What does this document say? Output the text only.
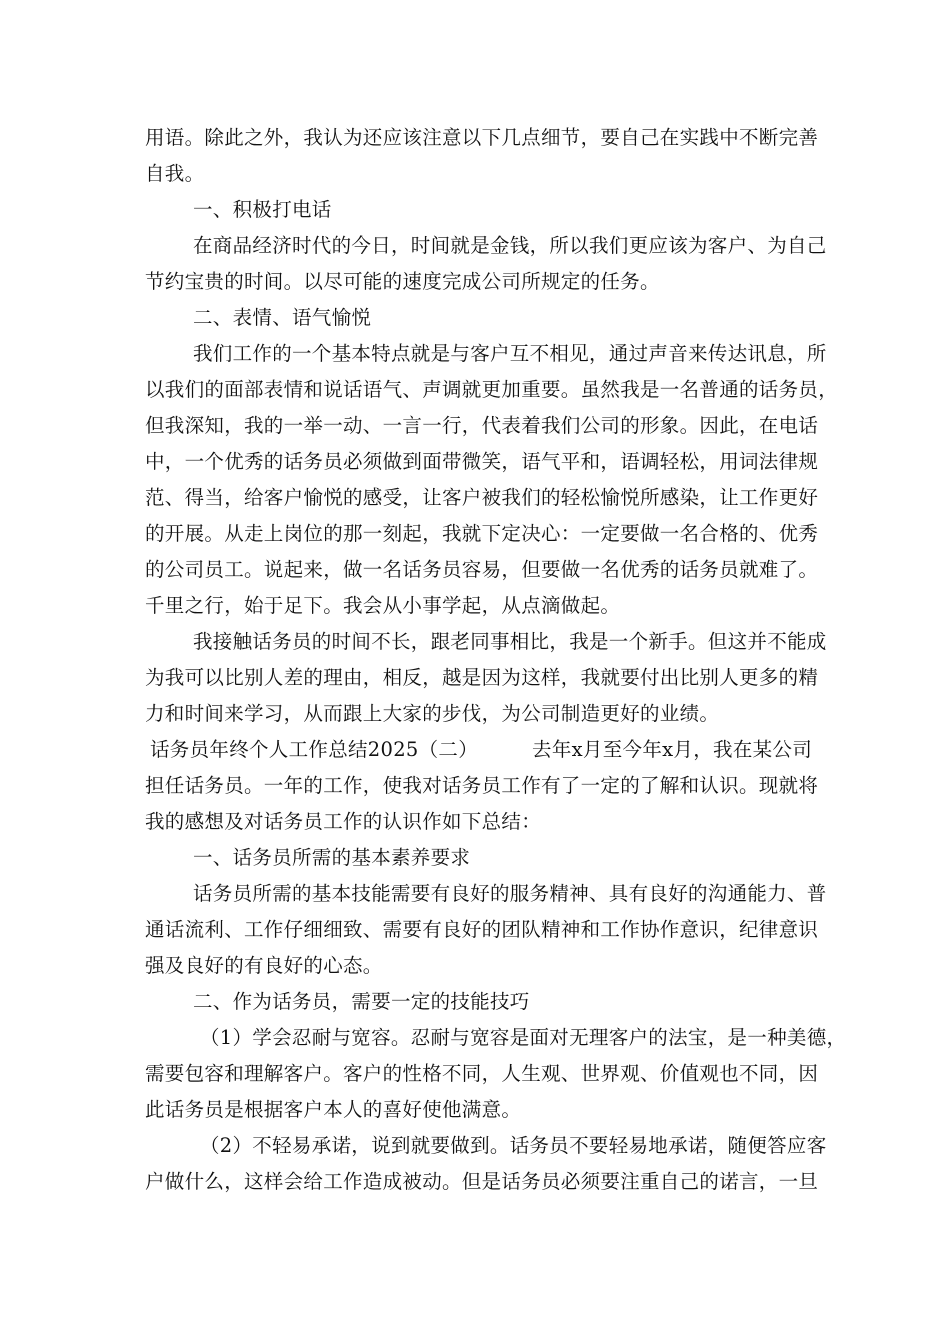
用语。除此之外，我认为还应该注意以下几点细节，要自己在实践中不断完善
自我。
一、积极打电话
在商品经济时代的今日，时间就是金钱，所以我们更应该为客户、为自己
节约宝贵的时间。以尽可能的速度完成公司所规定的任务。
二、表情、语气愉悦
我们工作的一个基本特点就是与客户互不相见，通过声音来传达讯息，所
以我们的面部表情和说话语气、声调就更加重要。虽然我是一名普通的话务员，
但我深知，我的一举一动、一言一行，代表着我们公司的形象。因此，在电话
中，一个优秀的话务员必须做到面带微笑，语气平和，语调轻松，用词法律规
范、得当，给客户愉悦的感受，让客户被我们的轻松愉悦所感染，让工作更好
的开展。从走上岗位的那一刻起，我就下定决心：一定要做一名合格的、优秀
的公司员工。说起来，做一名话务员容易，但要做一名优秀的话务员就难了。
千里之行，始于足下。我会从小事学起，从点滴做起。
我接触话务员的时间不长，跟老同事相比，我是一个新手。但这并不能成
为我可以比别人差的理由，相反，越是因为这样，我就要付出比别人更多的精
力和时间来学习，从而跟上大家的步伐，为公司制造更好的业绩。
话务员年终个人工作总结2025（二）	去年x月至今年x月，我在某公司
担任话务员。一年的工作，使我对话务员工作有了一定的了解和认识。现就将
我的感想及对话务员工作的认识作如下总结：
一、话务员所需的基本素养要求
话务员所需的基本技能需要有良好的服务精神、具有良好的沟通能力、普
通话流利、工作仔细细致、需要有良好的团队精神和工作协作意识，纪律意识
强及良好的有良好的心态。
二、作为话务员，需要一定的技能技巧
（1）学会忍耐与宽容。忍耐与宽容是面对无理客户的法宝，是一种美德，
需要包容和理解客户。客户的性格不同，人生观、世界观、价值观也不同，因
此话务员是根据客户本人的喜好使他满意。
（2）不轻易承诺，说到就要做到。话务员不要轻易地承诺，随便答应客
户做什么，这样会给工作造成被动。但是话务员必须要注重自己的诺言，一旦
